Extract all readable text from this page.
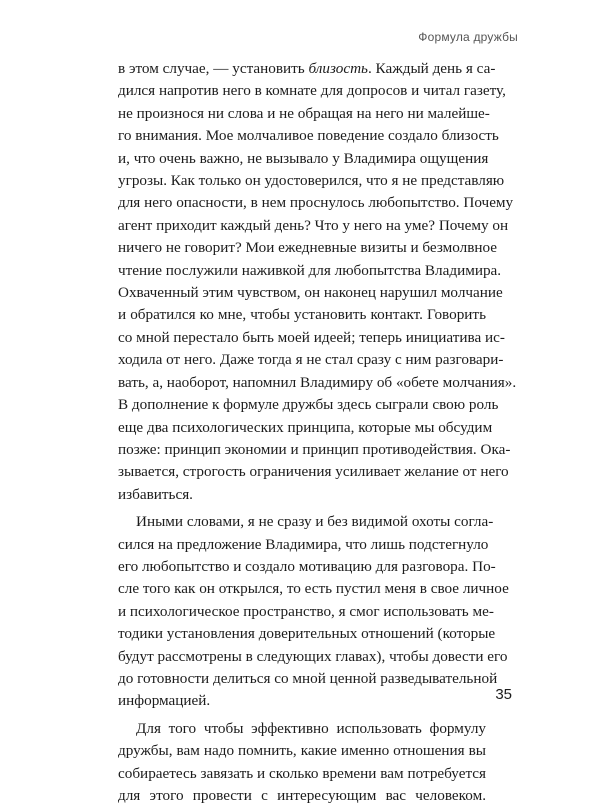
Формула дружбы
в этом случае, — установить близость. Каждый день я са-
дился напротив него в комнате для допросов и читал газету,
не произнося ни слова и не обращая на него ни малейше-
го внимания. Мое молчаливое поведение создало близость
и, что очень важно, не вызывало у Владимира ощущения
угрозы. Как только он удостоверился, что я не представляю
для него опасности, в нем проснулось любопытство. Почему
агент приходит каждый день? Что у него на уме? Почему он
ничего не говорит? Мои ежедневные визиты и безмолвное
чтение послужили наживкой для любопытства Владимира.
Охваченный этим чувством, он наконец нарушил молчание
и обратился ко мне, чтобы установить контакт. Говорить
со мной перестало быть моей идеей; теперь инициатива ис-
ходила от него. Даже тогда я не стал сразу с ним разговари-
вать, а, наоборот, напомнил Владимиру об «обете молчания».
В дополнение к формуле дружбы здесь сыграли свою роль
еще два психологических принципа, которые мы обсудим
позже: принцип экономии и принцип противодействия. Ока-
зывается, строгость ограничения усиливает желание от него
избавиться.
Иными словами, я не сразу и без видимой охоты согла-
сился на предложение Владимира, что лишь подстегнуло
его любопытство и создало мотивацию для разговора. По-
сле того как он открылся, то есть пустил меня в свое личное
и психологическое пространство, я смог использовать ме-
тодики установления доверительных отношений (которые
будут рассмотрены в следующих главах), чтобы довести его
до готовности делиться со мной ценной разведывательной
информацией.
Для того чтобы эффективно использовать формулу
дружбы, вам надо помнить, какие именно отношения вы
собираетесь завязать и сколько времени вам потребуется
для этого провести с интересующим вас человеком.
35
